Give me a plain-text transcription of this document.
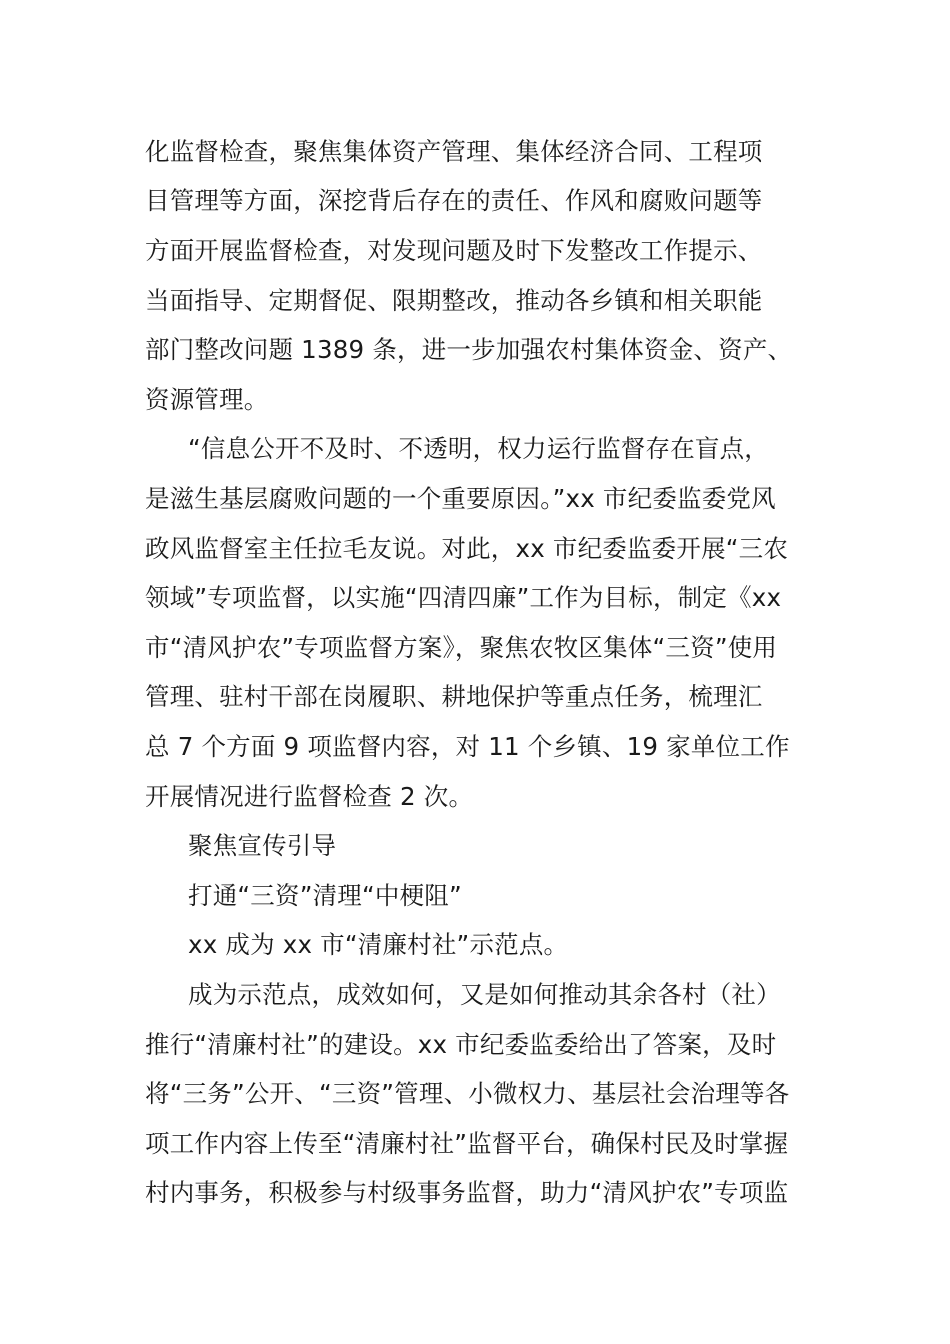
化监督检查，聚焦集体资产管理、集体经济合同、工程项
目管理等方面，深挖背后存在的责任、作风和腐败问题等
方面开展监督检查，对发现问题及时下发整改工作提示、
当面指导、定期督促、限期整改，推动各乡镇和相关职能
部门整改问题 1389 条，进一步加强农村集体资金、资产、
资源管理。
“信息公开不及时、不透明，权力运行监督存在盲点，
是滋生基层腐败问题的一个重要原因。”xx 市纪委监委党风
政风监督室主任拉毛友说。对此，xx 市纪委监委开展“三农
领域”专项监督，以实施“四清四廉”工作为目标，制定《xx
市“清风护农”专项监督方案》，聚焦农牧区集体“三资”使用
管理、驻村干部在岗履职、耕地保护等重点任务，梳理汇
总 7 个方面 9 项监督内容，对 11 个乡镇、19 家单位工作
开展情况进行监督检查 2 次。
聚焦宣传引导
打通“三资”清理“中梗阻”
xx 成为 xx 市“清廉村社”示范点。
成为示范点，成效如何，又是如何推动其余各村（社）
推行“清廉村社”的建设。xx 市纪委监委给出了答案，及时
将“三务”公开、“三资”管理、小微权力、基层社会治理等各
项工作内容上传至“清廉村社”监督平台，确保村民及时掌握
村内事务，积极参与村级事务监督，助力“清风护农”专项监
